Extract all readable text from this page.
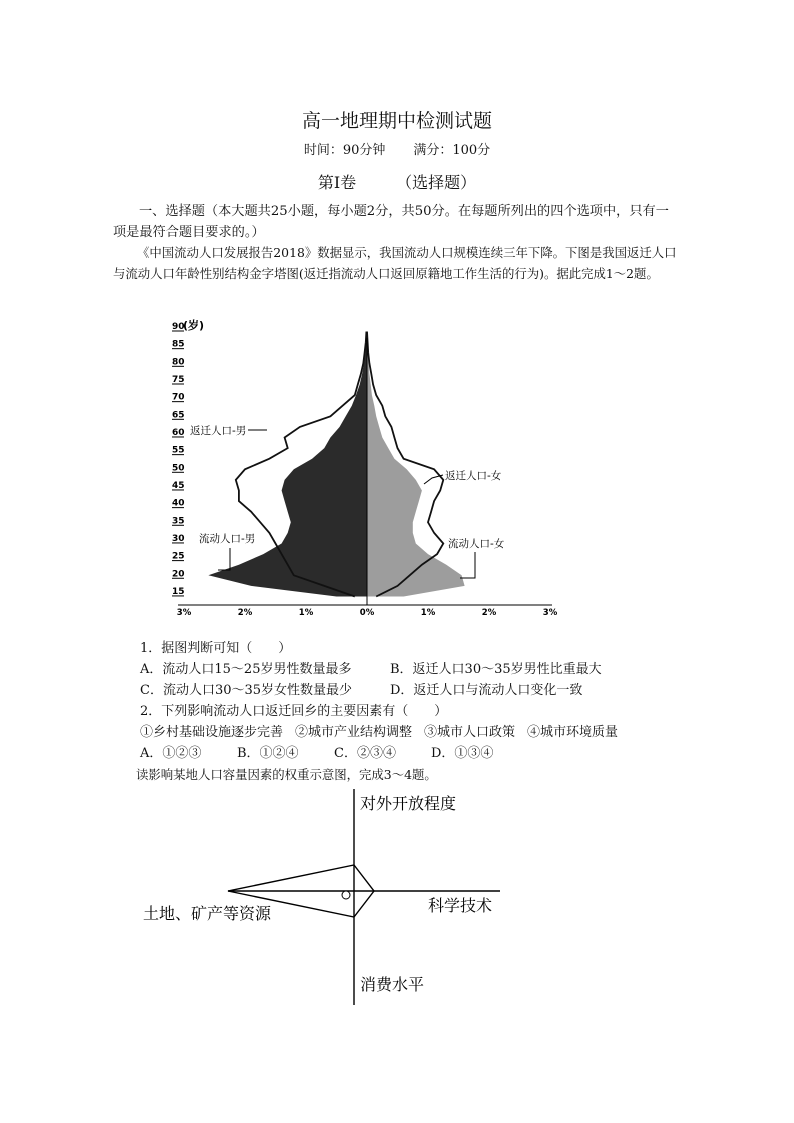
高一地理期中检测试题
时间：90分钟 满分：100分
第Ⅰ卷	（选择题）
一、选择题（本大题共25小题，每小题2分，共50分。在每题所列出的四个选项中，只有一项是最符合题目要求的。）
《中国流动人口发展报告2018》数据显示，我国流动人口规模连续三年下降。下图是我国返迁人口与流动人口年龄性别结构金字塔图(返迁指流动人口返回原籍地工作生活的行为)。据此完成1～2题。
15
20
25
30
35
40
45
50
55
60
65
70
75
80
85
90
3%	2%	1%	0%	1%	2%	3%
(岁)
返迁人口-男
返迁人口-女
流动人口-男	流动人口-女
1．据图判断可知（　　）
A．流动人口15～25岁男性数量最多	B．返迁人口30～35岁男性比重最大
C．流动人口30～35岁女性数量最少	D．返迁人口与流动人口变化一致
2．下列影响流动人口返迁回乡的主要因素有（　　）
①乡村基础设施逐步完善 ②城市产业结构调整 ③城市人口政策 ④城市环境质量
A．①②③	B．①②④	C．②③④	D．①③④
读影响某地人口容量因素的权重示意图，完成3～4题。
对外开放程度
科学技术
土地、矿产等资源
消费水平
